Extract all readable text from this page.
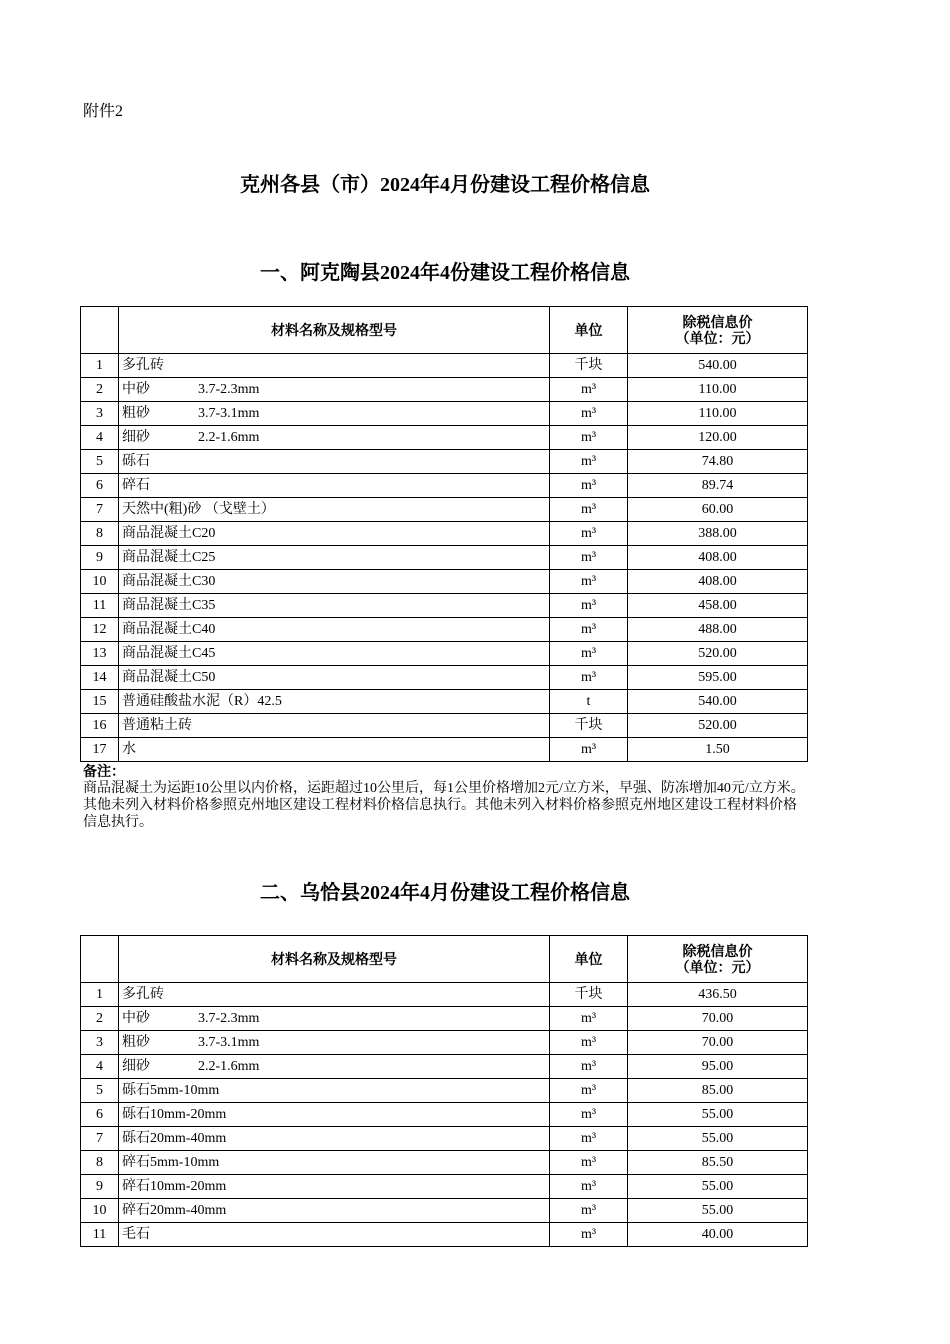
附件2
克州各县（市）2024年4月份建设工程价格信息
一、阿克陶县2024年4份建设工程价格信息
	材料名称及规格型号	单位	除税信息价
（单位：元）
1	多孔砖	千块	540.00
2	中砂 3.7-2.3mm	m³	110.00
3	粗砂 3.7-3.1mm	m³	110.00
4	细砂 2.2-1.6mm	m³	120.00
5	砾石	m³	74.80
6	碎石	m³	89.74
7	天然中(粗)砂 （戈壁土）	m³	60.00
8	商品混凝土C20	m³	388.00
9	商品混凝土C25	m³	408.00
10	商品混凝土C30	m³	408.00
11	商品混凝土C35	m³	458.00
12	商品混凝土C40	m³	488.00
13	商品混凝土C45	m³	520.00
14	商品混凝土C50	m³	595.00
15	普通硅酸盐水泥（R）42.5	t	540.00
16	普通粘土砖	千块	520.00
17	水	m³	1.50
备注：
商品混凝土为运距10公里以内价格，运距超过10公里后，每1公里价格增加2元/立方米，早强、防冻增加40元/立方米。其他未列入材料价格参照克州地区建设工程材料价格信息执行。其他未列入材料价格参照克州地区建设工程材料价格信息执行。
二、乌恰县2024年4月份建设工程价格信息
	材料名称及规格型号	单位	除税信息价
（单位：元）
1	多孔砖	千块	436.50
2	中砂 3.7-2.3mm	m³	70.00
3	粗砂 3.7-3.1mm	m³	70.00
4	细砂 2.2-1.6mm	m³	95.00
5	砾石5mm-10mm	m³	85.00
6	砾石10mm-20mm	m³	55.00
7	砾石20mm-40mm	m³	55.00
8	碎石5mm-10mm	m³	85.50
9	碎石10mm-20mm	m³	55.00
10	碎石20mm-40mm	m³	55.00
11	毛石	m³	40.00
